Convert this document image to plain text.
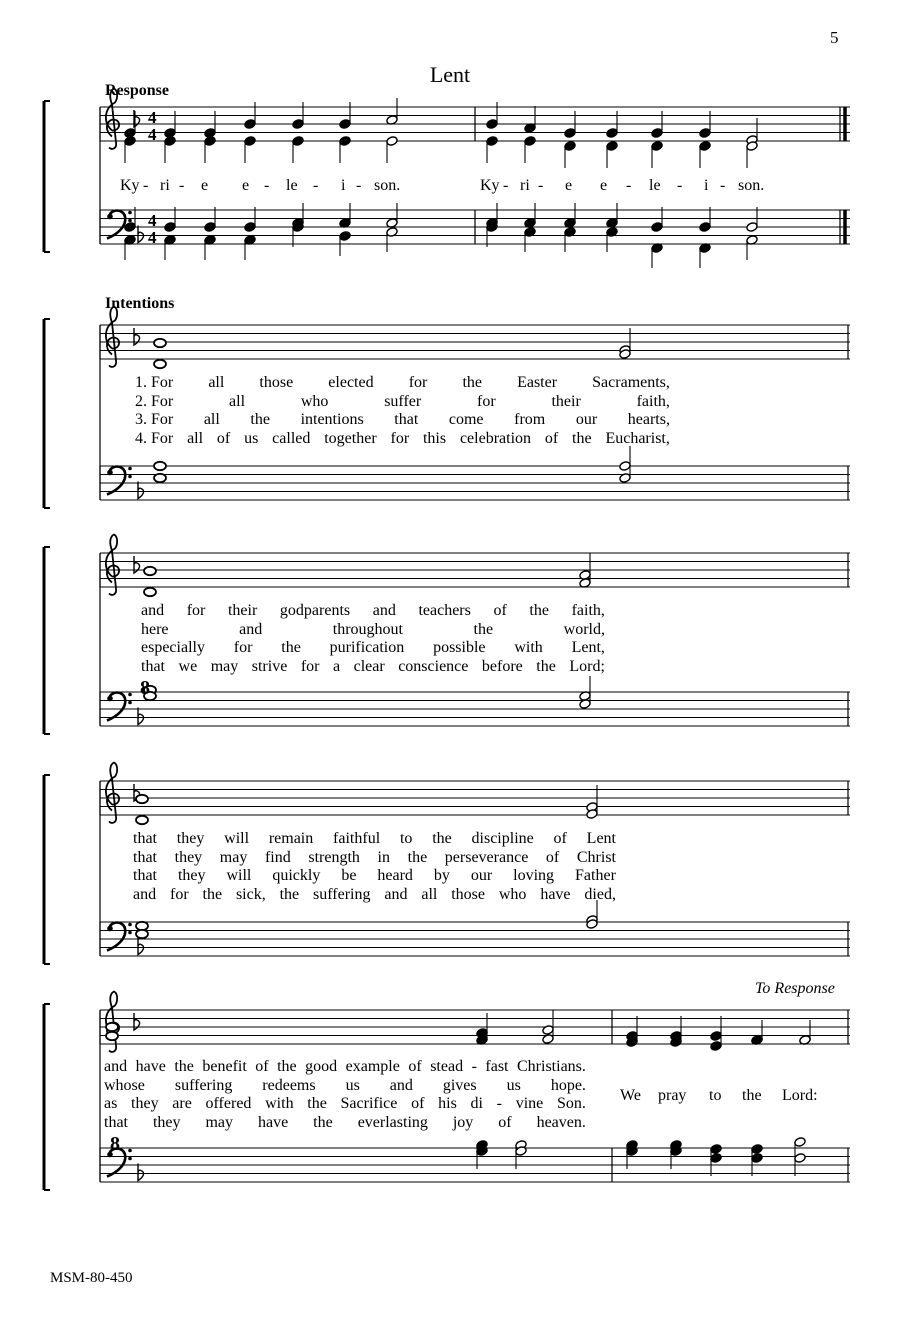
5
Lent
Response
Intentions
Ky - ri - e e - le - i - son.	Ky - ri - e e - le - i - son.
1. For all those elected for the Easter Sacraments,
2. For	all	who	suffer	for	their	faith,
3. For all the intentions that come from our hearts,
4. For all of us called together for this celebration of the Eucharist,
and for their godparents and teachers of the faith,
here	and	throughout	the	world,
especially for the purification possible with Lent,
that we may strive for a clear conscience before the Lord;
that they will remain faithful to the discipline of Lent
that they may find strength in the perseverance of Christ
that they will quickly be heard by our loving Father
and for the sick, the suffering and all those who have died,
and have the benefit of the good example of stead - fast Christians.
whose suffering redeems us and gives us hope.
as they are offered with the Sacrifice of his di - vine Son.
that they may have the everlasting joy of heaven.
To Response
We pray to the Lord:
MSM-80-450
4
4
4
4
8
8
